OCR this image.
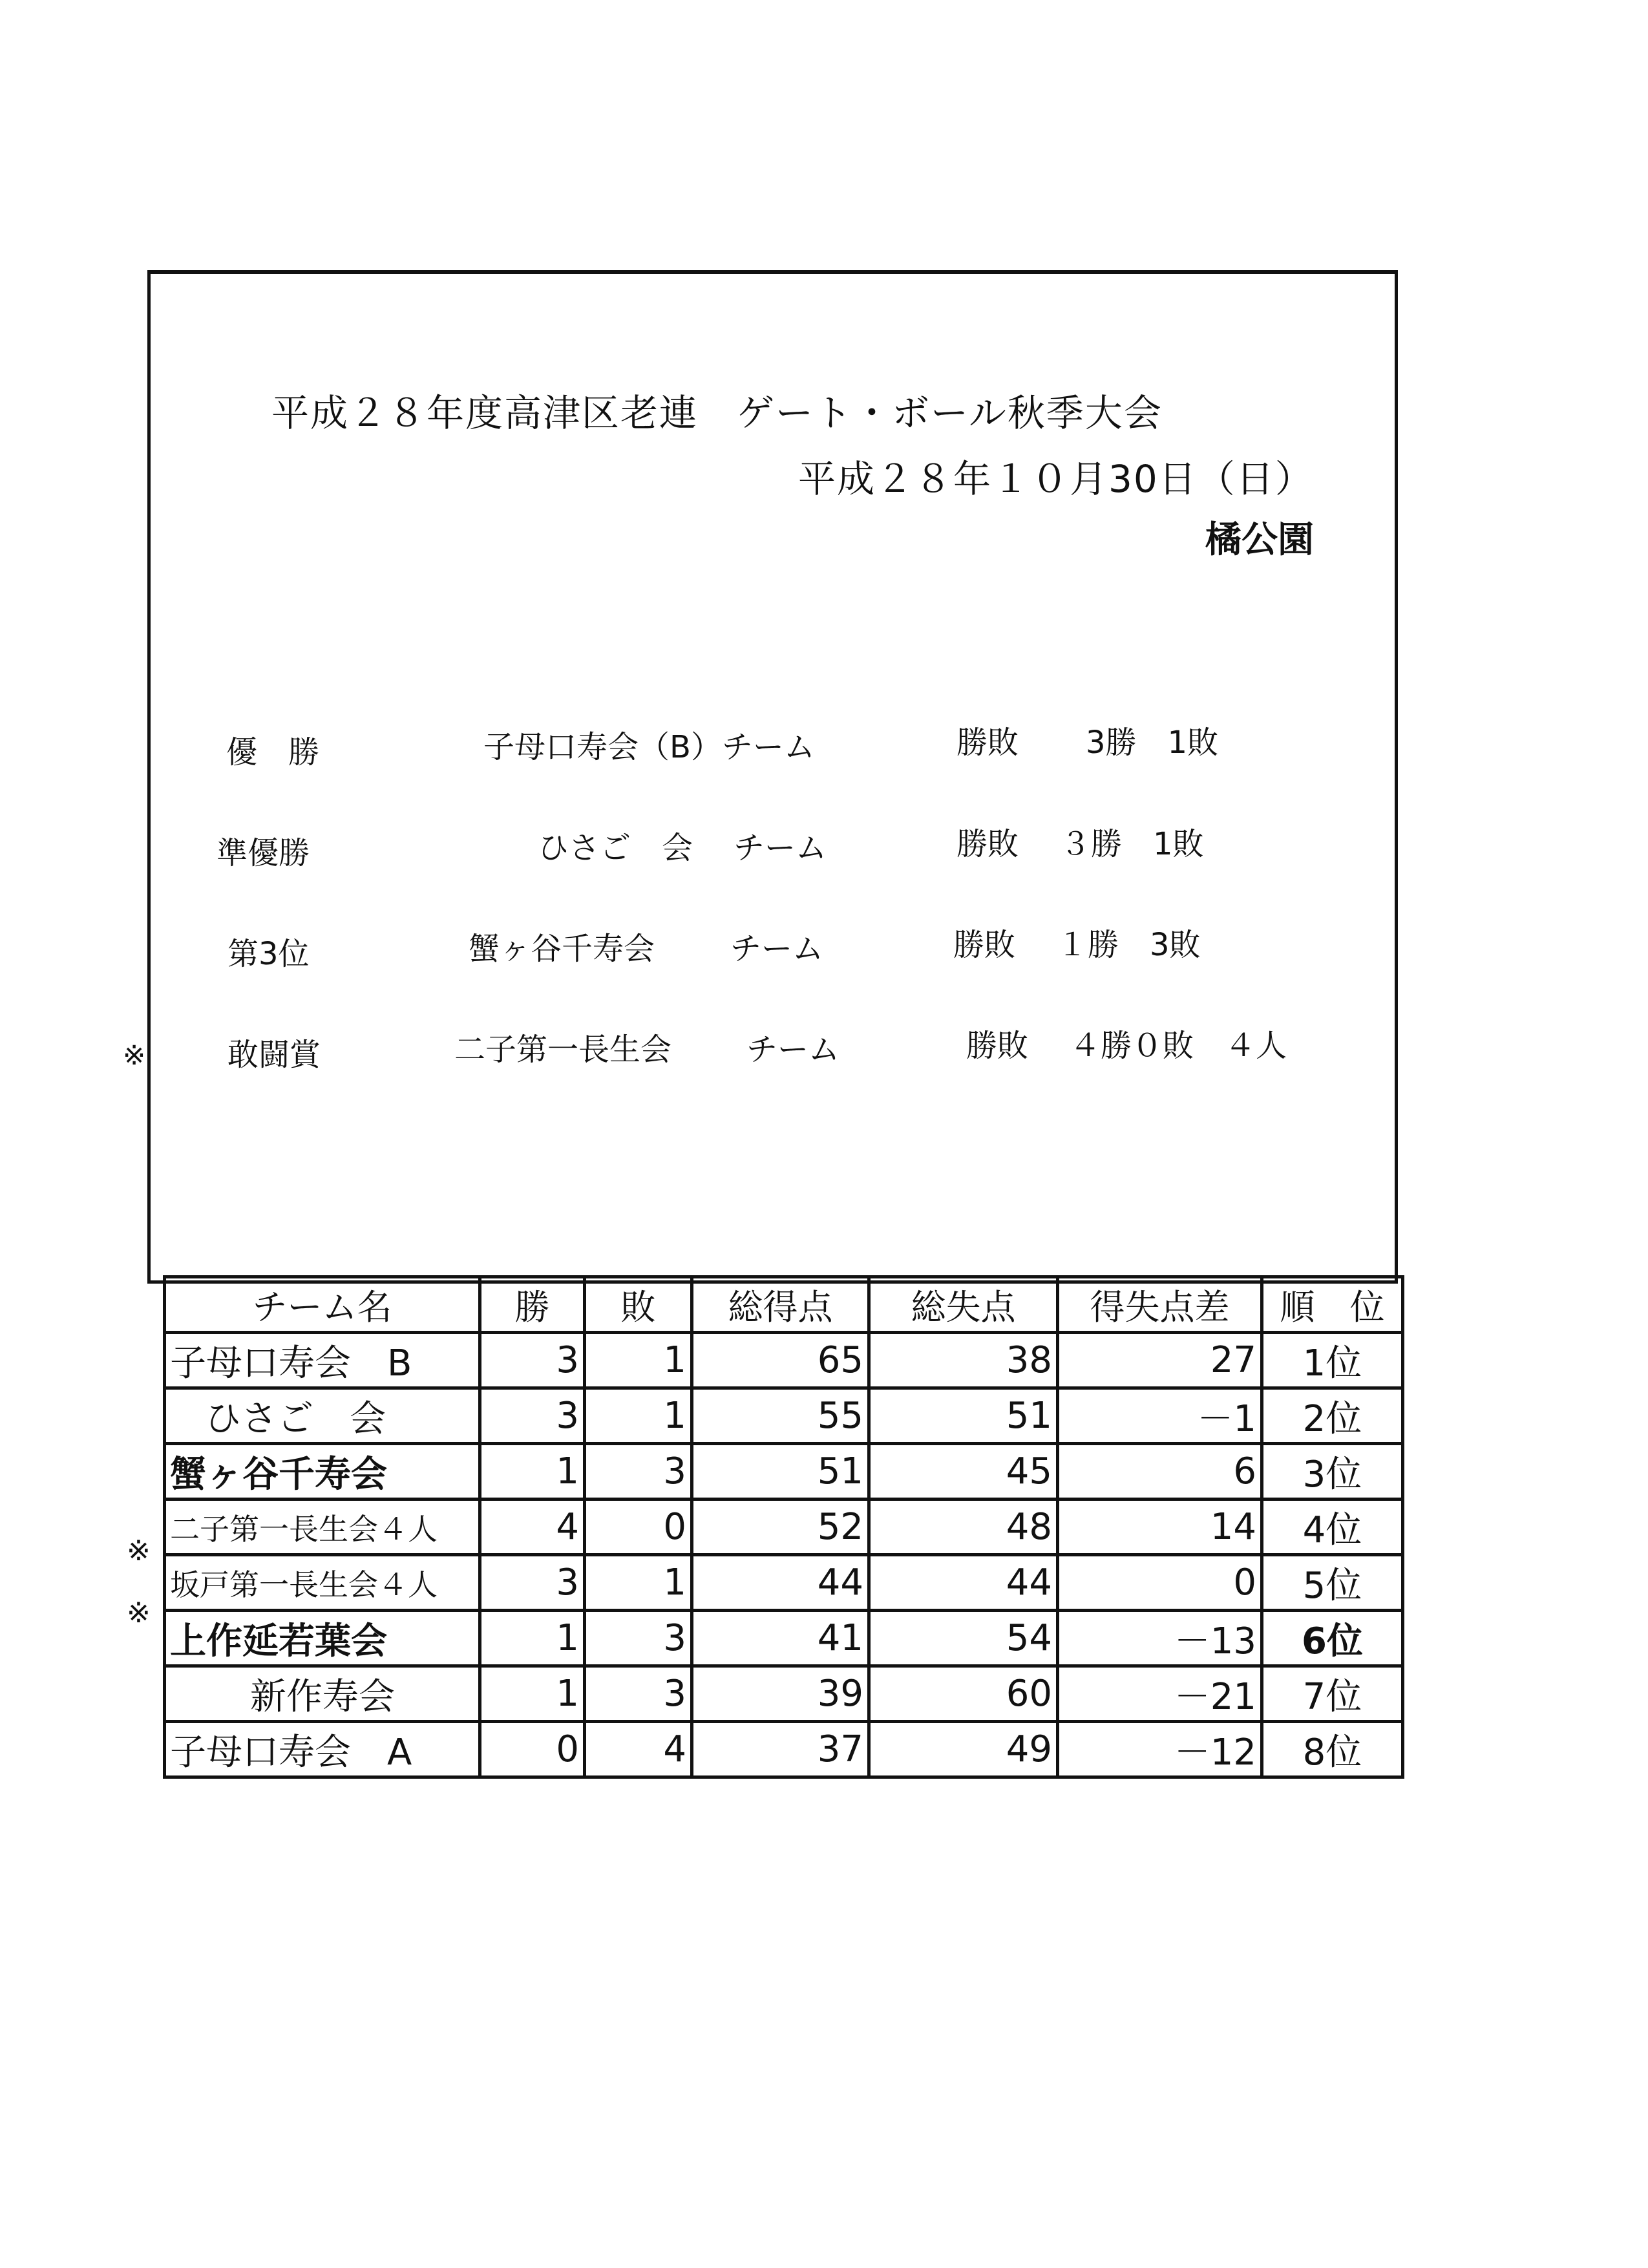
平成２８年度高津区老連　ゲート・ボール秋季大会
平成２８年１０月30日（日）
橘公園
優　勝	子母口寿会（B）チーム	勝敗 3勝　1敗
準優勝	ひさご　会 チーム	勝敗 ３勝　1敗
第3位	蟹ヶ谷千寿会 チーム	勝敗 １勝　3敗
※	敢闘賞	二子第一長生会 チーム	勝敗 ４勝０敗　４人
※
※
チーム名	勝	敗	総得点	総失点	得失点差	順　位
子母口寿会　B	3	1	65	38	27	1位
ひさご　会	3	1	55	51	－1	2位
蟹ヶ谷千寿会	1	3	51	45	6	3位
二子第一長生会４人	4	0	52	48	14	4位
坂戸第一長生会４人	3	1	44	44	0	5位
上作延若葉会	1	3	41	54	－13	6位
新作寿会	1	3	39	60	－21	7位
子母口寿会　A	0	4	37	49	－12	8位
